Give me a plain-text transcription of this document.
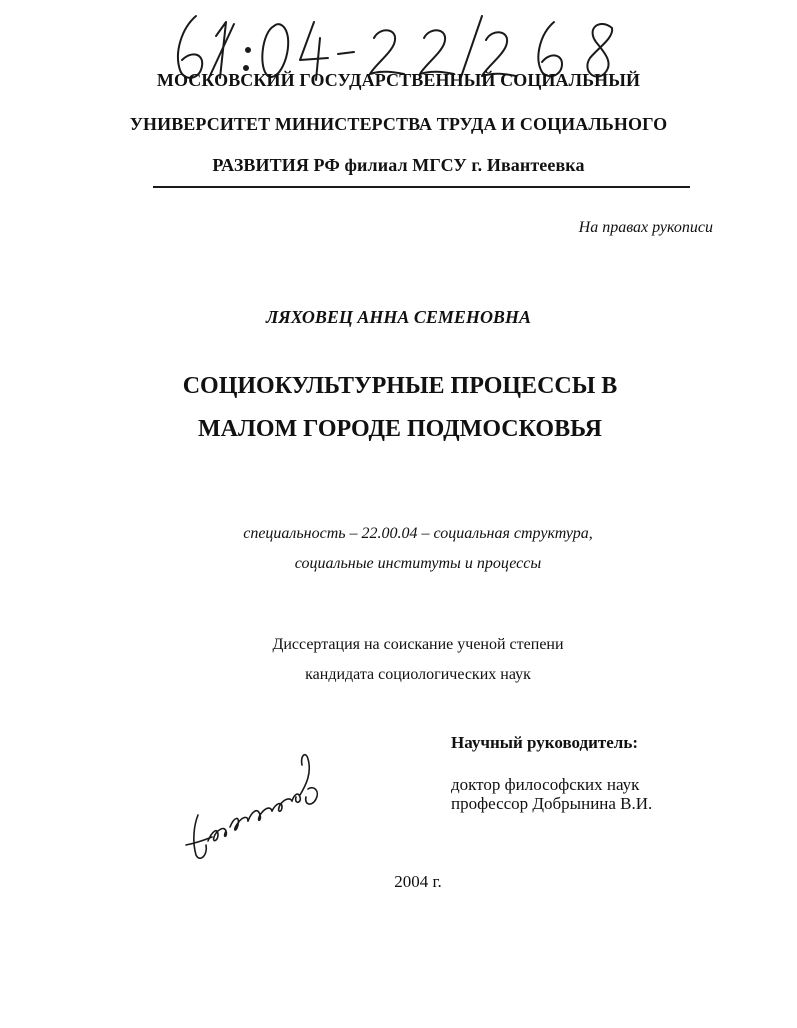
МОСКОВСКИЙ ГОСУДАРСТВЕННЫЙ СОЦИАЛЬНЫЙ
УНИВЕРСИТЕТ МИНИСТЕРСТВА ТРУДА И СОЦИАЛЬНОГО
РАЗВИТИЯ РФ филиал МГСУ г. Ивантеевка
На правах рукописи
ЛЯХОВЕЦ АННА СЕМЕНОВНА
СОЦИОКУЛЬТУРНЫЕ ПРОЦЕССЫ В
МАЛОМ ГОРОДЕ ПОДМОСКОВЬЯ
специальность – 22.00.04 – социальная структура,
социальные институты и процессы
Диссертация на соискание ученой степени
кандидата социологических наук
Научный руководитель:
доктор философских наук
профессор Добрынина В.И.
2004 г.
